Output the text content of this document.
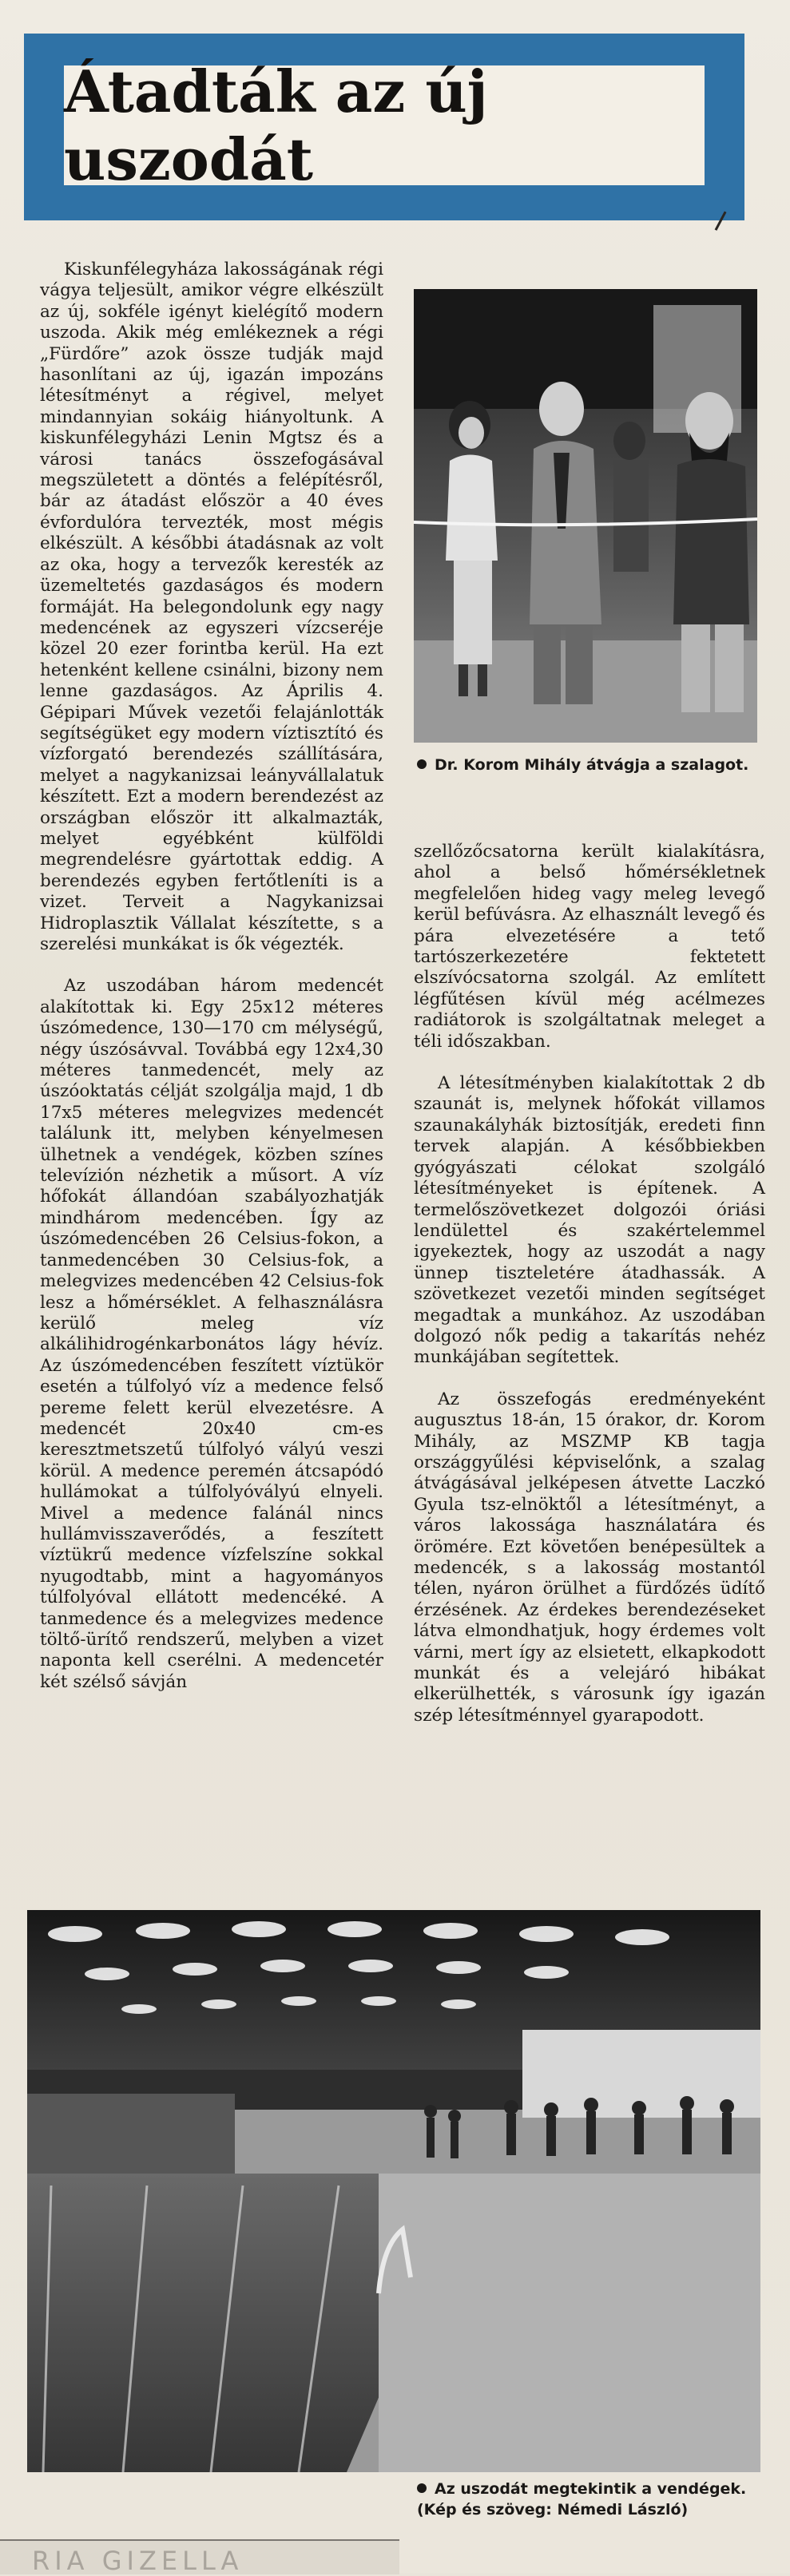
Átadták az új uszodát

Kiskunfélegyháza lakosságának régi vágya teljesült, amikor végre elkészült az új, sokféle igényt kielégítő modern uszoda. Akik még emlékeznek a régi „Fürdőre” azok össze tudják majd hasonlítani az új, igazán impozáns létesítményt a régivel, melyet mindannyian sokáig hiányoltunk. A kiskunfélegyházi Lenin Mgtsz és a városi tanács összefogásával megszületett a döntés a felépítésről, bár az átadást először a 40 éves évfordulóra tervezték, most mégis elkészült. A későbbi átadásnak az volt az oka, hogy a tervezők keresték az üzemeltetés gazdaságos és modern formáját. Ha belegondolunk egy nagy medencének az egyszeri vízcseréje közel 20 ezer forintba kerül. Ha ezt hetenként kellene csinálni, bizony nem lenne gazdaságos. Az Április 4. Gépipari Művek vezetői felajánlották segítségüket egy modern víztisztító és vízforgató berendezés szállítására, melyet a nagykanizsai leányvállalatuk készített. Ezt a modern berendezést az országban először itt alkalmazták, melyet egyébként külföldi megrendelésre gyártottak eddig. A berendezés egyben fertőtleníti is a vizet. Terveit a Nagykanizsai Hidroplasztik Vállalat készítette, s a szerelési munkákat is ők végezték.

Az uszodában három medencét alakítottak ki. Egy 25x12 méteres úszómedence, 130—170 cm mélységű, négy úszósávval. Továbbá egy 12x4,30 méteres tanmedencét, mely az úszóoktatás célját szolgálja majd, 1 db 17x5 méteres melegvizes medencét találunk itt, melyben kényelmesen ülhetnek a vendégek, közben színes televízión nézhetik a műsort. A víz hőfokát állandóan szabályozhatják mindhárom medencében. Így az úszómedencében 26 Celsius-fokon, a tanmedencében 30 Celsius-fok, a melegvizes medencében 42 Celsius-fok lesz a hőmérséklet. A felhasználásra kerülő meleg víz alkálihidrogénkarbonátos lágy hévíz. Az úszómedencében feszített víztükör esetén a túlfolyó víz a medence felső pereme felett kerül elvezetésre. A medencét 20x40 cm-es keresztmetszetű túlfolyó vályú veszi körül. A medence peremén átcsapódó hullámokat a túlfolyóvályú elnyeli. Mivel a medence falánál nincs hullámvisszaverődés, a feszített víztükrű medence vízfelszíne sokkal nyugodtabb, mint a hagyományos túlfolyóval ellátott medencéké. A tanmedence és a melegvizes medence töltő-ürítő rendszerű, melyben a vizet naponta kell cserélni. A medencetér két szélső sávján

Dr. Korom Mihály átvágja a szalagot.

szellőzőcsatorna került kialakításra, ahol a belső hőmérsékletnek megfelelően hideg vagy meleg levegő kerül befúvásra. Az elhasznált levegő és pára elvezetésére a tető tartószerkezetére fektetett elszívócsatorna szolgál. Az említett légfűtésen kívül még acélmezes radiátorok is szolgáltatnak meleget a téli időszakban.

A létesítményben kialakítottak 2 db szaunát is, melynek hőfokát villamos szaunakályhák biztosítják, eredeti finn tervek alapján. A későbbiekben gyógyászati célokat szolgáló létesítményeket is építenek. A termelőszövetkezet dolgozói óriási lendülettel és szakértelemmel igyekeztek, hogy az uszodát a nagy ünnep tiszteletére átadhassák. A szövetkezet vezetői minden segítséget megadtak a munkához. Az uszodában dolgozó nők pedig a takarítás nehéz munkájában segítettek.

Az összefogás eredményeként augusztus 18-án, 15 órakor, dr. Korom Mihály, az MSZMP KB tagja országgyűlési képviselőnk, a szalag átvágásával jelképesen átvette Laczkó Gyula tsz-elnöktől a létesítményt, a város lakossága használatára és örömére. Ezt követően benépesültek a medencék, s a lakosság mostantól télen, nyáron örülhet a fürdőzés üdítő érzésének. Az érdekes berendezéseket látva elmondhatjuk, hogy érdemes volt várni, mert így az elsietett, elkapkodott munkát és a velejáró hibákat elkerülhették, s városunk így igazán szép létesítménnyel gyarapodott.

Az uszodát megtekintik a vendégek. (Kép és szöveg: Némedi László)
RIA GIZELLA
